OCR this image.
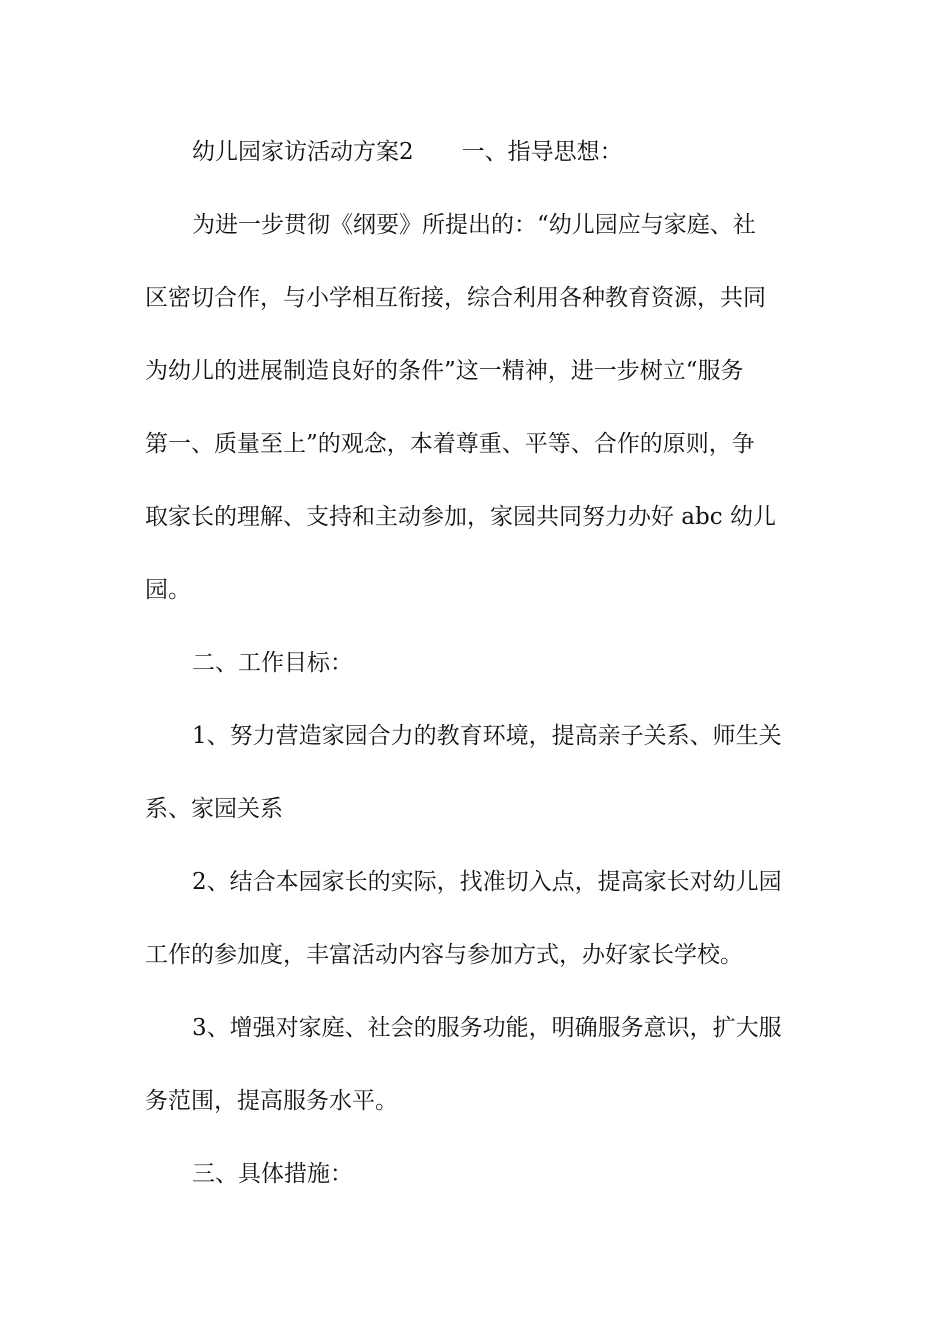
幼儿园家访活动方案2 一、指导思想：
为进一步贯彻《纲要》所提出的：“幼儿园应与家庭、社
区密切合作，与小学相互衔接，综合利用各种教育资源，共同
为幼儿的进展制造良好的条件”这一精神，进一步树立“服务
第一、质量至上”的观念，本着尊重、平等、合作的原则，争
取家长的理解、支持和主动参加，家园共同努力办好 abc 幼儿
园。
二、工作目标：
1、努力营造家园合力的教育环境，提高亲子关系、师生关
系、家园关系
2、结合本园家长的实际，找准切入点，提高家长对幼儿园
工作的参加度，丰富活动内容与参加方式，办好家长学校。
3、增强对家庭、社会的服务功能，明确服务意识，扩大服
务范围，提高服务水平。
三、具体措施：
